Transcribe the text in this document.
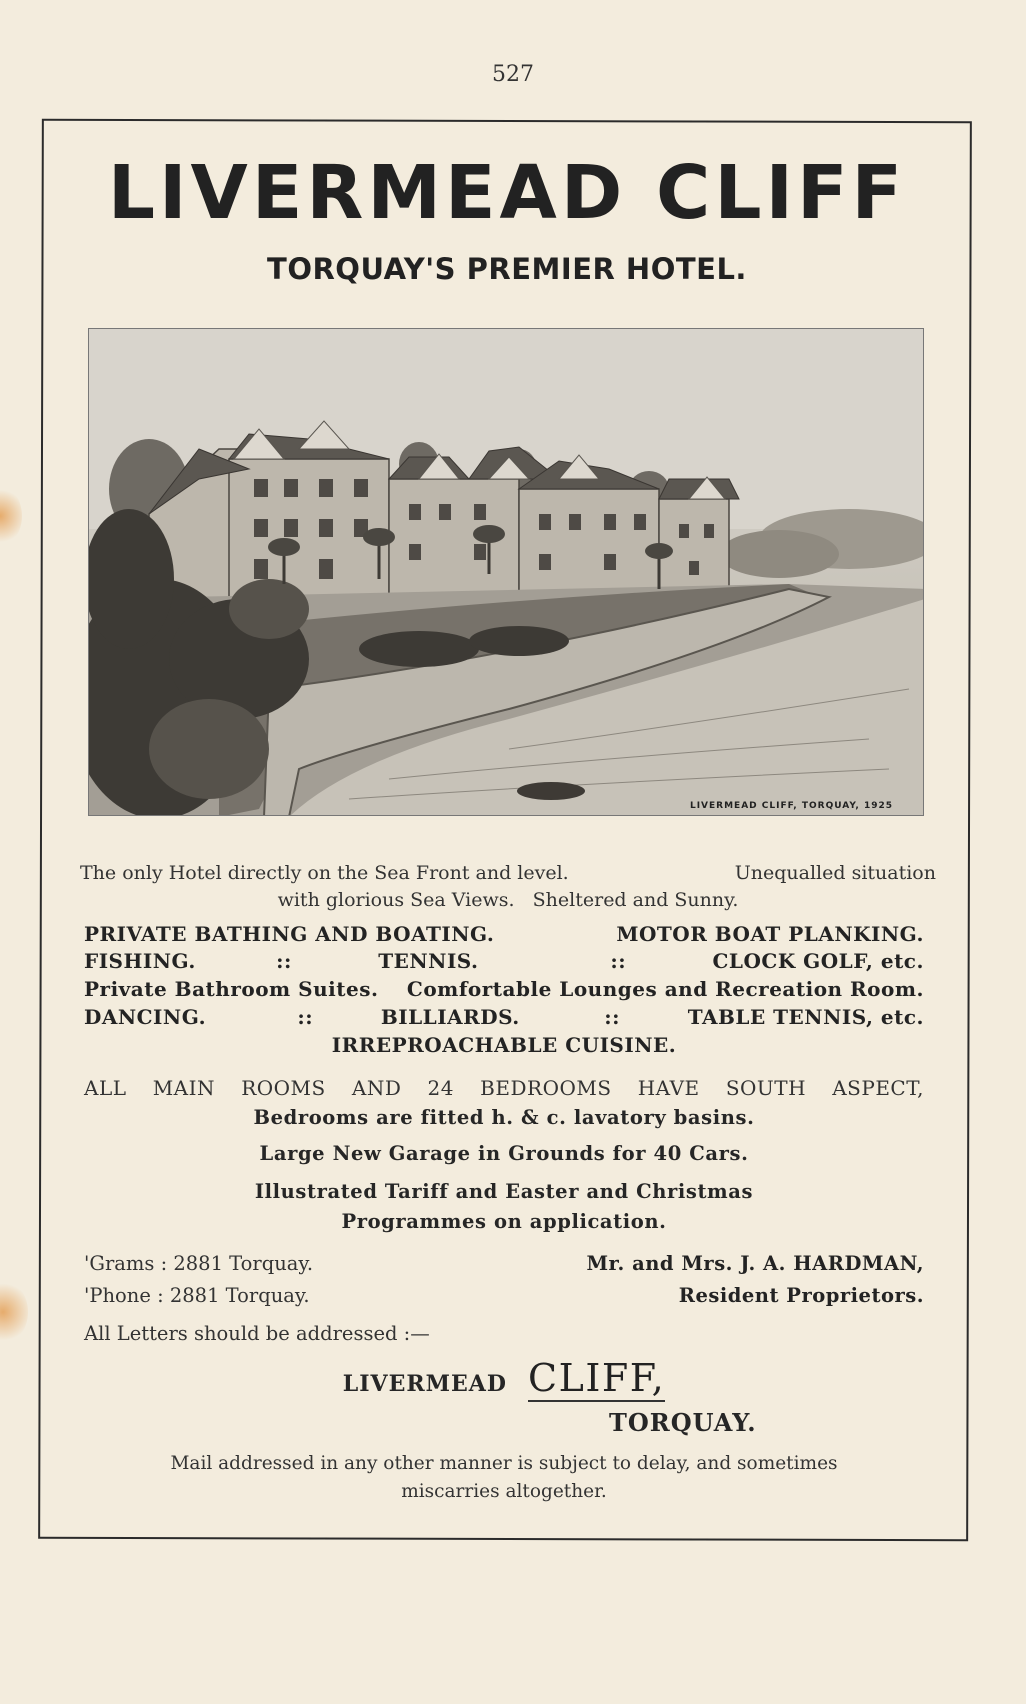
527
LIVERMEAD CLIFF
TORQUAY'S PREMIER HOTEL.
LIVERMEAD CLIFF, TORQUAY, 1925
The only Hotel directly on the Sea Front and level.	Unequalled situation
with glorious Sea Views.   Sheltered and Sunny.
PRIVATE BATHING AND BOATING.	MOTOR BOAT PLANKING.
FISHING.	::	TENNIS.	::	CLOCK GOLF, etc.
Private Bathroom Suites. Comfortable Lounges and Recreation Room.
DANCING.	::	BILLIARDS.	::	TABLE TENNIS, etc.
IRREPROACHABLE CUISINE.
ALL MAIN ROOMS AND 24 BEDROOMS HAVE SOUTH ASPECT,
Bedrooms are fitted h. & c. lavatory basins.
Large New Garage in Grounds for 40 Cars.
Illustrated Tariff and Easter and Christmas
Programmes on application.
'Grams : 2881 Torquay.	Mr. and Mrs. J. A. HARDMAN,
'Phone : 2881 Torquay.	Resident Proprietors.
All Letters should be addressed :—
LIVERMEAD CLIFF,
TORQUAY.
Mail addressed in any other manner is subject to delay, and sometimes
miscarries altogether.
